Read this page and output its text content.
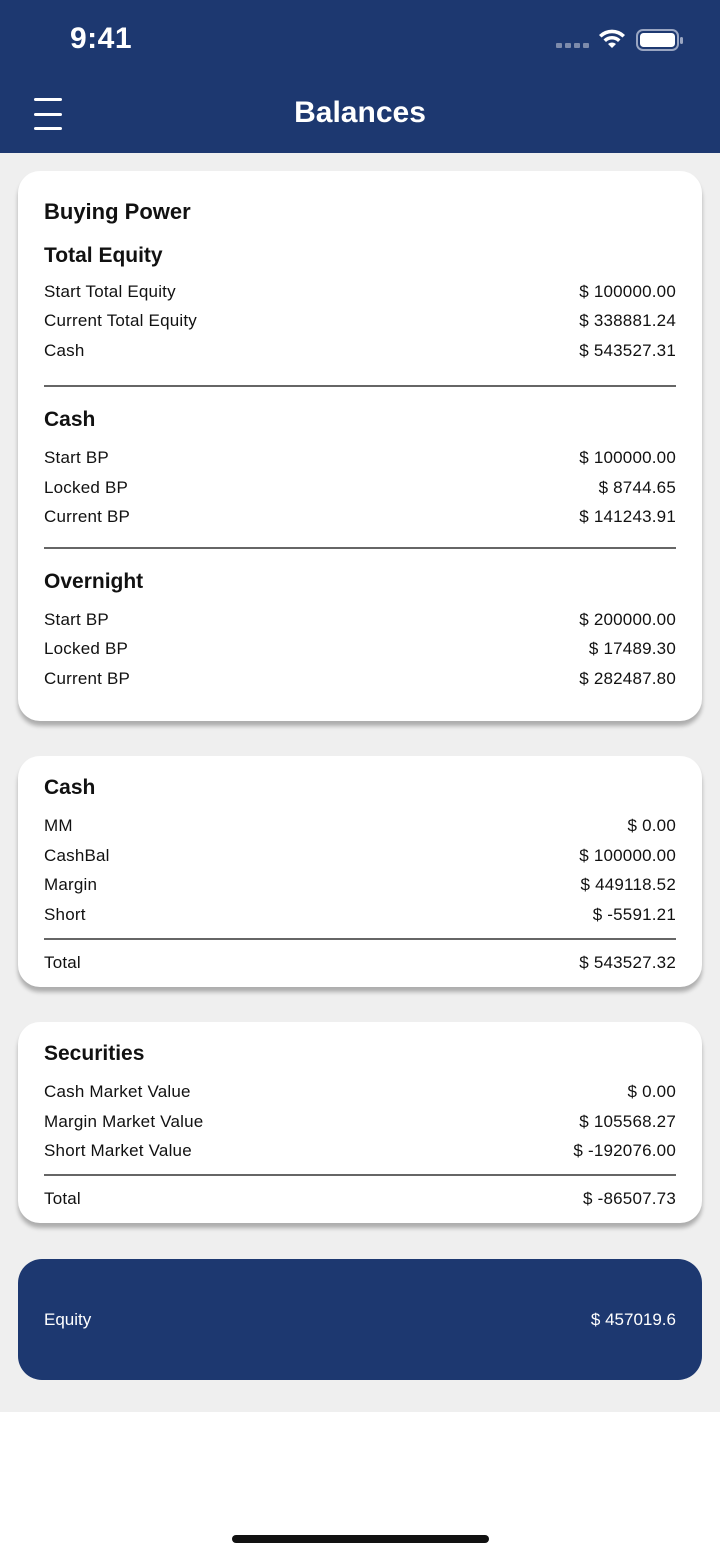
9:41
Balances
Buying Power
Total Equity
Start Total Equity	$ 100000.00
Current Total Equity	$ 338881.24
Cash	$ 543527.31
Cash
Start BP	$ 100000.00
Locked BP	$ 8744.65
Current BP	$ 141243.91
Overnight
Start BP	$ 200000.00
Locked BP	$ 17489.30
Current BP	$ 282487.80
Cash
MM	$ 0.00
CashBal	$ 100000.00
Margin	$ 449118.52
Short	$ -5591.21
Total	$ 543527.32
Securities
Cash Market Value	$ 0.00
Margin Market Value	$ 105568.27
Short Market Value	$ -192076.00
Total	$ -86507.73
Equity	$ 457019.6
